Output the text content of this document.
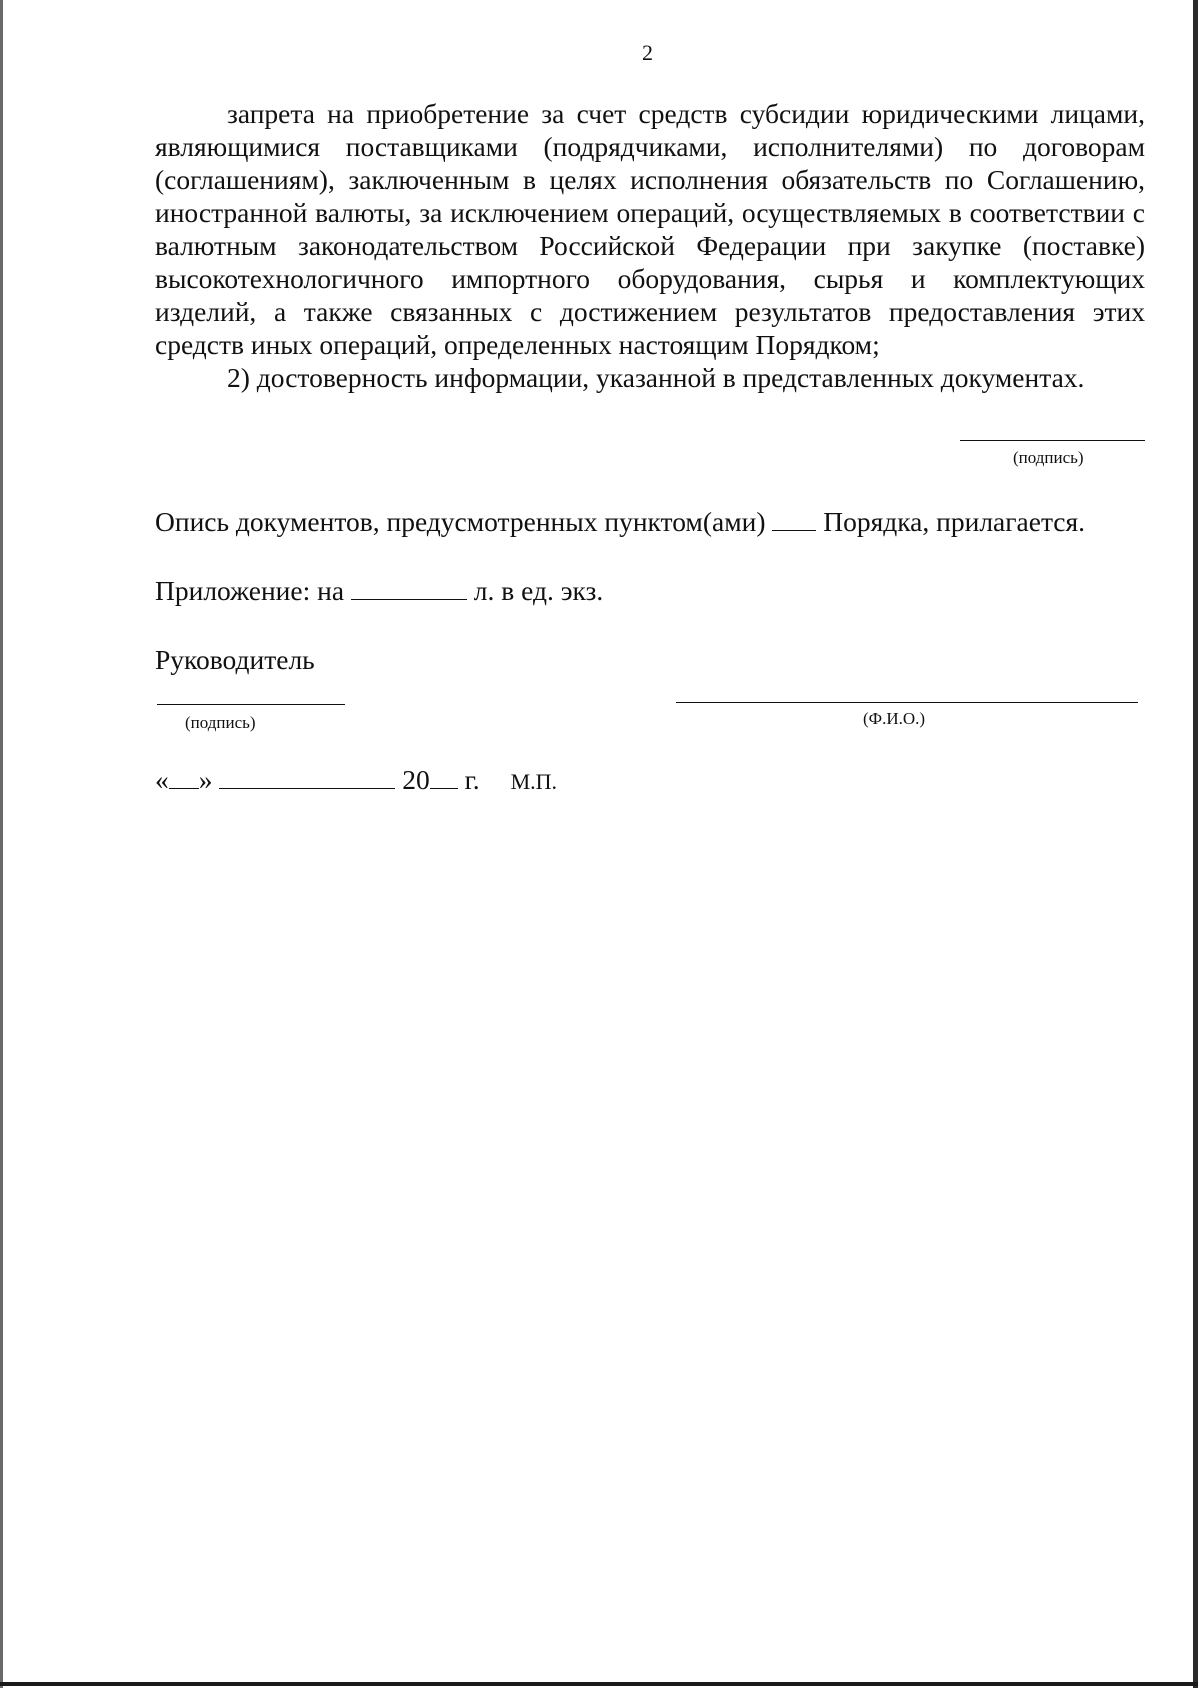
2

запрета на приобретение за счет средств субсидии юридическими лицами, являющимися поставщиками (подрядчиками, исполнителями) по договорам (соглашениям), заключенным в целях исполнения обязательств по Соглашению, иностранной валюты, за исключением операций, осуществляемых в соответствии с валютным законодательством Российской Федерации при закупке (поставке) высокотехнологичного импортного оборудования, сырья и комплектующих изделий, а также связанных с достижением результатов предоставления этих средств иных операций, определенных настоящим Порядком;

2) достоверность информации, указанной в представленных документах.

(подпись)
Опись документов, предусмотренных пунктом(ами) Порядка, прилагается.
Приложение: на	л. в ед. экз.
Руководитель
(подпись)	(Ф.И.О.)
« »	20 г. М.П.
